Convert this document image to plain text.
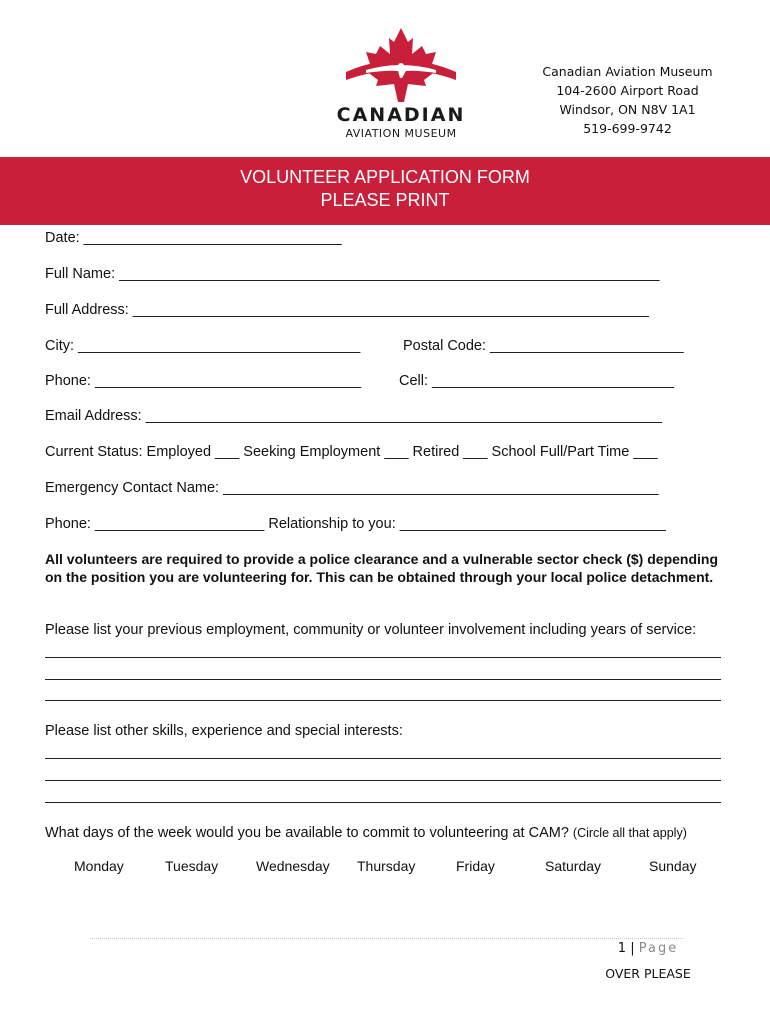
CANADIAN
AVIATION MUSEUM
Canadian Aviation Museum
104-2600 Airport Road
Windsor, ON N8V 1A1
519-699-9742
VOLUNTEER APPLICATION FORM
PLEASE PRINT
Date: ________________________________
Full Name: ___________________________________________________________________
Full Address: ________________________________________________________________
City: ___________________________________	Postal Code: ________________________
Phone: _________________________________	Cell: ______________________________
Email Address: ________________________________________________________________
Current Status: Employed ___ Seeking Employment ___ Retired ___ School Full/Part Time ___
Emergency Contact Name: ______________________________________________________
Phone: _____________________ Relationship to you: _________________________________
All volunteers are required to provide a police clearance and a vulnerable sector check ($) depending on the position you are volunteering for. This can be obtained through your local police detachment.
Please list your previous employment, community or volunteer involvement including years of service:
Please list other skills, experience and special interests:
What days of the week would you be available to commit to volunteering at CAM? (Circle all that apply)
Monday	Tuesday	Wednesday Thursday	Friday	Saturday	Sunday
1 | Page
OVER PLEASE
